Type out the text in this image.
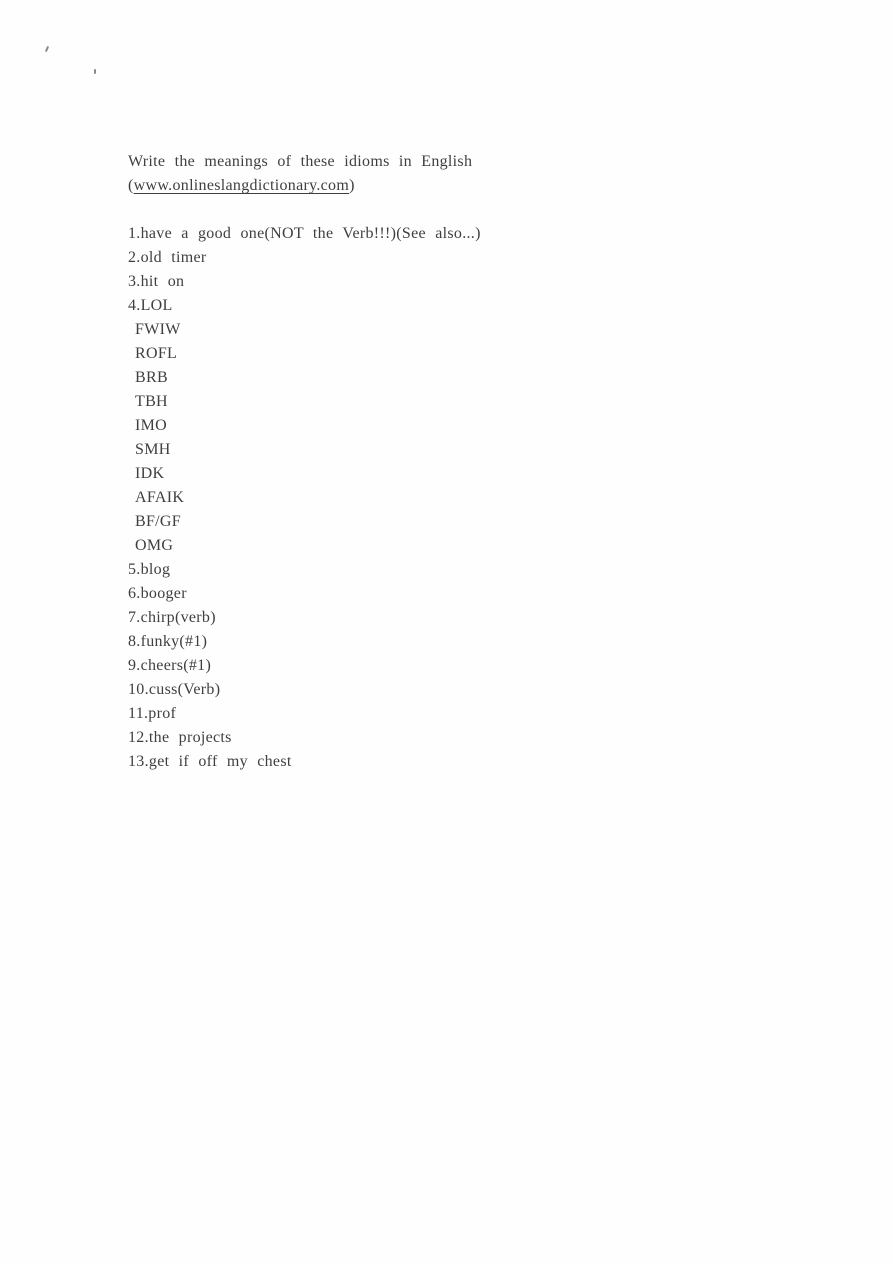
Write the meanings of these idioms in English
(www.onlineslangdictionary.com)
1.have a good one(NOT the Verb!!!)(See also...)
2.old timer
3.hit on
4.LOL
FWIW
ROFL
BRB
TBH
IMO
SMH
IDK
AFAIK
BF/GF
OMG
5.blog
6.booger
7.chirp(verb)
8.funky(#1)
9.cheers(#1)
10.cuss(Verb)
11.prof
12.the projects
13.get if off my chest
